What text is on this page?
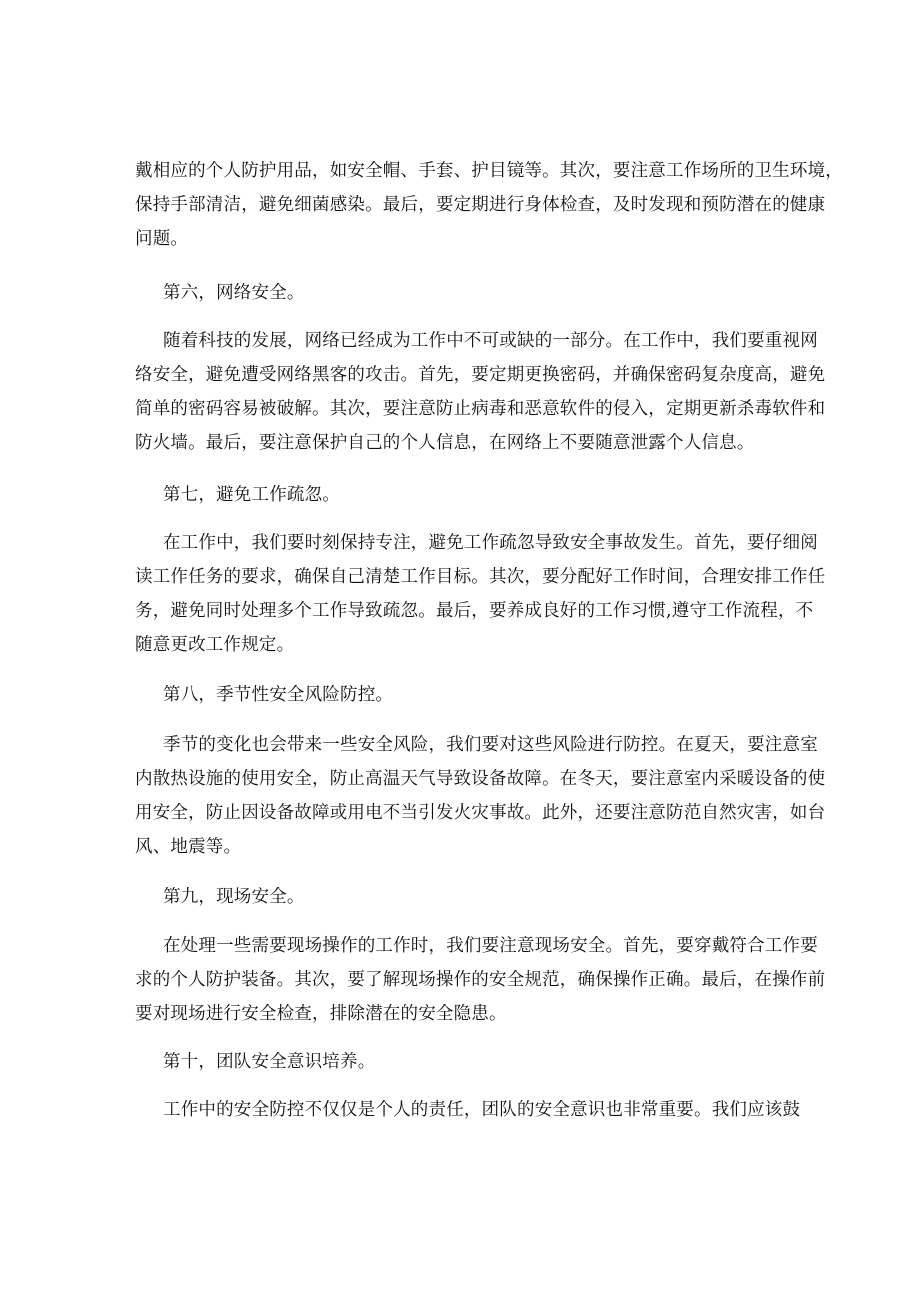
戴相应的个人防护用品，如安全帽、手套、护目镜等。其次，要注意工作场所的卫生环境，
保持手部清洁，避免细菌感染。最后，要定期进行身体检查，及时发现和预防潜在的健康
问题。
第六，网络安全。
随着科技的发展，网络已经成为工作中不可或缺的一部分。在工作中，我们要重视网
络安全，避免遭受网络黑客的攻击。首先，要定期更换密码，并确保密码复杂度高，避免
简单的密码容易被破解。其次，要注意防止病毒和恶意软件的侵入，定期更新杀毒软件和
防火墙。最后，要注意保护自己的个人信息，在网络上不要随意泄露个人信息。
第七，避免工作疏忽。
在工作中，我们要时刻保持专注，避免工作疏忽导致安全事故发生。首先，要仔细阅
读工作任务的要求，确保自己清楚工作目标。其次，要分配好工作时间，合理安排工作任
务，避免同时处理多个工作导致疏忽。最后，要养成良好的工作习惯,遵守工作流程，不
随意更改工作规定。
第八，季节性安全风险防控。
季节的变化也会带来一些安全风险，我们要对这些风险进行防控。在夏天，要注意室
内散热设施的使用安全，防止高温天气导致设备故障。在冬天，要注意室内采暖设备的使
用安全，防止因设备故障或用电不当引发火灾事故。此外，还要注意防范自然灾害，如台
风、地震等。
第九，现场安全。
在处理一些需要现场操作的工作时，我们要注意现场安全。首先，要穿戴符合工作要
求的个人防护装备。其次，要了解现场操作的安全规范，确保操作正确。最后，在操作前
要对现场进行安全检查，排除潜在的安全隐患。
第十，团队安全意识培养。
工作中的安全防控不仅仅是个人的责任，团队的安全意识也非常重要。我们应该鼓
